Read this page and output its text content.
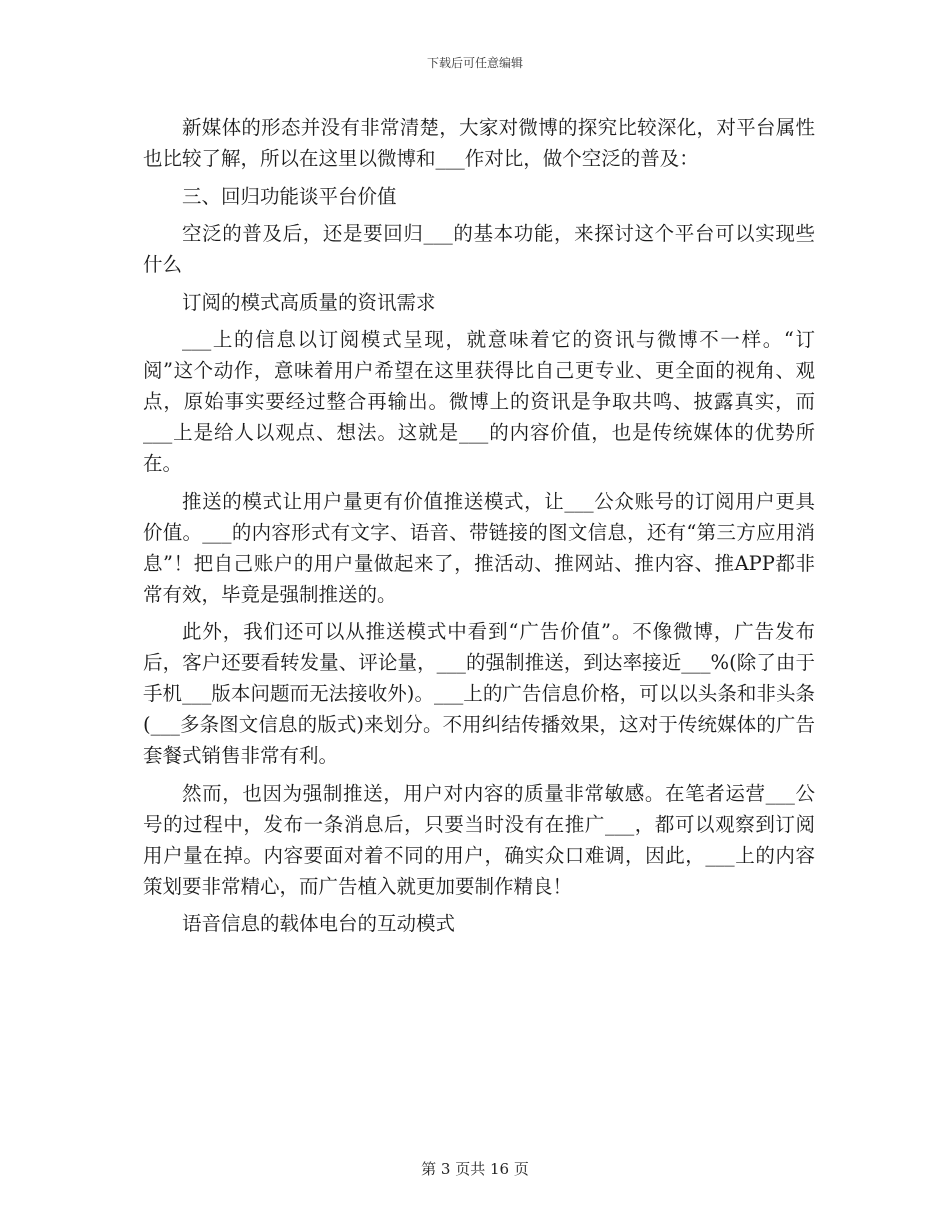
下载后可任意编辑

新媒体的形态并没有非常清楚，大家对微博的探究比较深化，对平台属性也比较了解，所以在这里以微博和___作对比，做个空泛的普及：

三、回归功能谈平台价值

空泛的普及后，还是要回归___的基本功能，来探讨这个平台可以实现些什么

订阅的模式高质量的资讯需求

___上的信息以订阅模式呈现，就意味着它的资讯与微博不一样。“订阅”这个动作，意味着用户希望在这里获得比自己更专业、更全面的视角、观点，原始事实要经过整合再输出。微博上的资讯是争取共鸣、披露真实，而___上是给人以观点、想法。这就是___的内容价值，也是传统媒体的优势所在。

推送的模式让用户量更有价值推送模式，让___公众账号的订阅用户更具价值。___的内容形式有文字、语音、带链接的图文信息，还有“第三方应用消息”！把自己账户的用户量做起来了，推活动、推网站、推内容、推APP都非常有效，毕竟是强制推送的。

此外，我们还可以从推送模式中看到“广告价值”。不像微博，广告发布后，客户还要看转发量、评论量，___的强制推送，到达率接近___%(除了由于手机___版本问题而无法接收外)。___上的广告信息价格，可以以头条和非头条(___多条图文信息的版式)来划分。不用纠结传播效果，这对于传统媒体的广告套餐式销售非常有利。

然而，也因为强制推送，用户对内容的质量非常敏感。在笔者运营___公号的过程中，发布一条消息后，只要当时没有在推广___，都可以观察到订阅用户量在掉。内容要面对着不同的用户，确实众口难调，因此，___上的内容策划要非常精心，而广告植入就更加要制作精良！

语音信息的载体电台的互动模式

第 3 页共 16 页
